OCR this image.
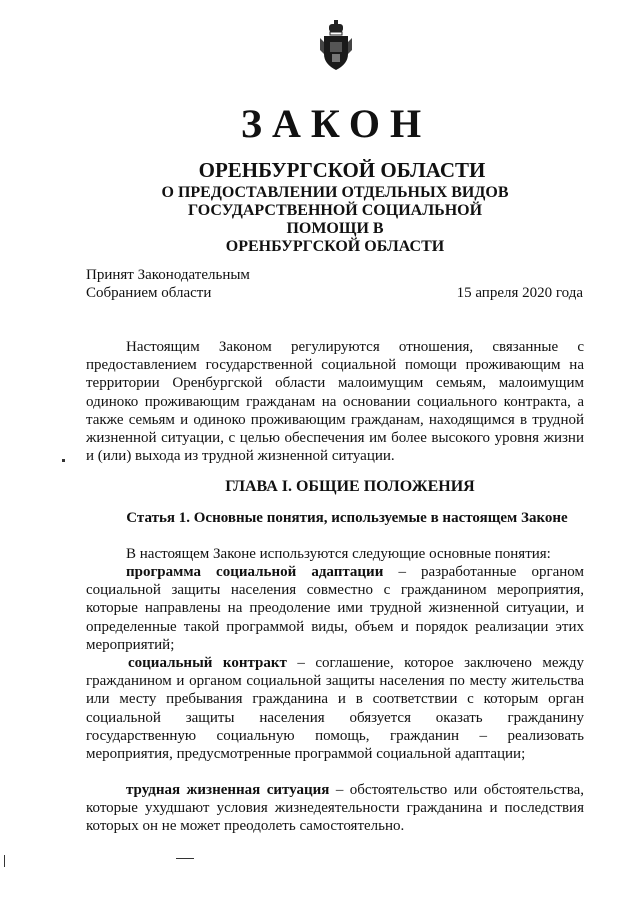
ЗАКОН
ОРЕНБУРГСКОЙ ОБЛАСТИ
О ПРЕДОСТАВЛЕНИИ ОТДЕЛЬНЫХ ВИДОВ
ГОСУДАРСТВЕННОЙ СОЦИАЛЬНОЙ ПОМОЩИ В
ОРЕНБУРГСКОЙ ОБЛАСТИ
Принят Законодательным
Собранием области	15 апреля 2020 года

Настоящим Законом регулируются отношения, связанные с предоставлением государственной социальной помощи проживающим на территории Оренбургской области малоимущим семьям, малоимущим одиноко проживающим гражданам на основании социального контракта, а также семьям и одиноко проживающим гражданам, находящимся в трудной жизненной ситуации, с целью обеспечения им более высокого уровня жизни и (или) выхода из трудной жизненной ситуации.

ГЛАВА I. ОБЩИЕ ПОЛОЖЕНИЯ
Статья 1. Основные понятия, используемые в настоящем Законе

В настоящем Законе используются следующие основные понятия:

программа социальной адаптации – разработанные органом социальной защиты населения совместно с гражданином мероприятия, которые направлены на преодоление ими трудной жизненной ситуации, и определенные такой программой виды, объем и порядок реализации этих мероприятий;

социальный контракт – соглашение, которое заключено между гражданином и органом социальной защиты населения по месту жительства или месту пребывания гражданина и в соответствии с которым орган социальной защиты населения обязуется оказать гражданину государственную социальную помощь, гражданин – реализовать мероприятия, предусмотренные программой социальной адаптации;

трудная жизненная ситуация – обстоятельство или обстоятельства, которые ухудшают условия жизнедеятельности гражданина и последствия которых он не может преодолеть самостоятельно.
